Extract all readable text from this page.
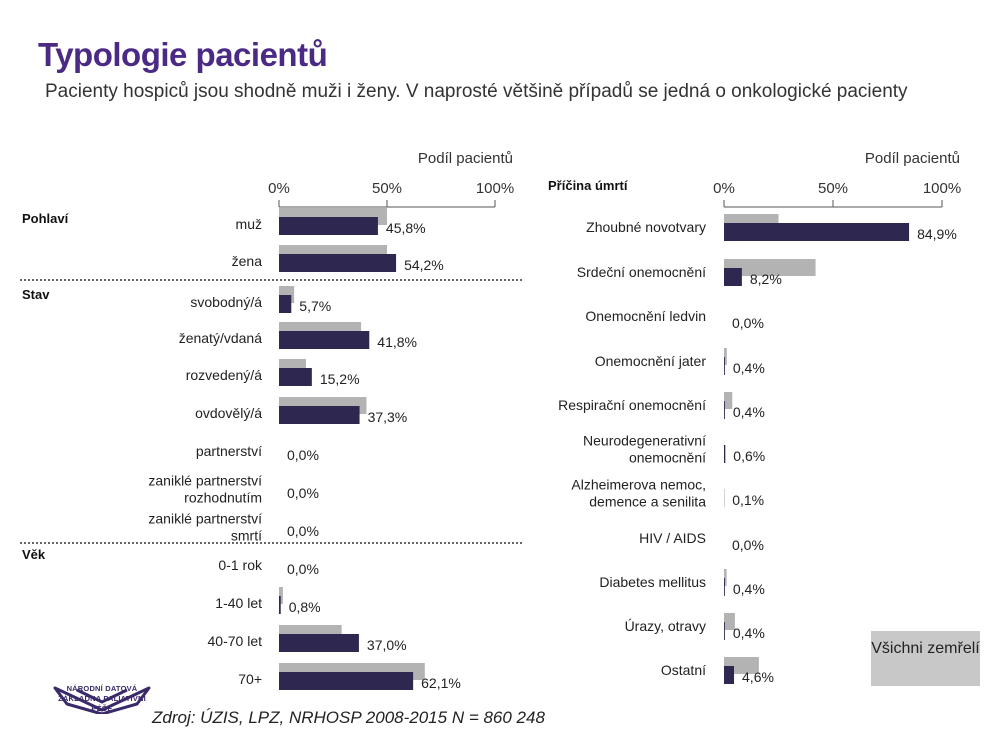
Typologie pacientů
Pacienty hospiců jsou shodně muži i ženy. V naprosté většině případů se jedná o onkologické pacienty
Podíl pacientů
0%	50%	100%
Pohlaví	muž	45,8%
žena	54,2%
Stav	svobodný/á	5,7%
ženatý/vdaná	41,8%
rozvedený/á	15,2%
ovdovělý/á	37,3%
partnerství 0,0%
zaniklé partnerství rozhodnutím 0,0%
zaniklé partnerství smrtí 0,0%
Věk
0-1 rok 0,0%
1-40 let 0,8%
40-70 let	37,0%
70+	62,1%
Podíl pacientů
0%	50%	100%
Příčina úmrtí
Zhoubné novotvary	84,9%
Srdeční onemocnění	8,2%
Onemocnění ledvin 0,0%
Onemocnění jater 0,4%
Respirační onemocnění 0,4%
Neurodegenerativní onemocnění 0,6%
Alzheimerova nemoc, demence a senilita 0,1%
HIV / AIDS 0,0%
Diabetes mellitus 0,4%
Úrazy, otravy 0,4%
Ostatní	4,6%
Všichni zemřelí
NÁRODNÍ DATOVÁ
ZÁKLADNA PALIATIVNÍ PÉČE	Zdroj: ÚZIS, LPZ, NRHOSP 2008-2015 N = 860 248
